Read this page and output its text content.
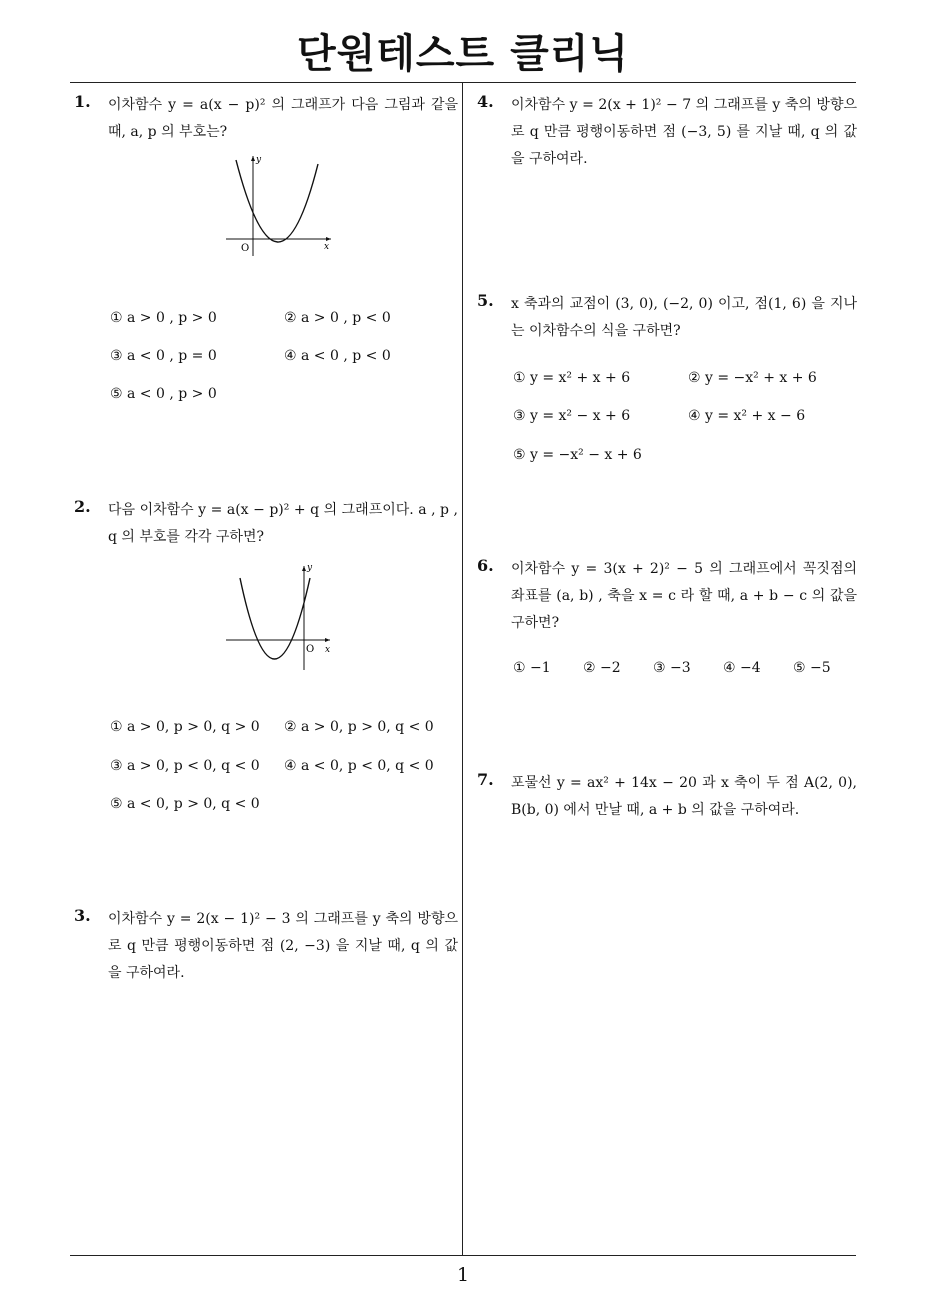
단원테스트 클리닉
1
1. 이차함수 y = a(x − p)² 의 그래프가 다음 그림과 같을 때, a, p 의 부호는?
O	x
y
① a > 0 , p > 0	② a > 0 , p < 0
③ a < 0 , p = 0	④ a < 0 , p < 0
⑤ a < 0 , p > 0
2. 다음 이차함수 y = a(x − p)² + q 의 그래프이다. a , p , q 의 부호를 각각 구하면?
O x
y
① a > 0, p > 0, q > 0 ② a > 0, p > 0, q < 0
③ a > 0, p < 0, q < 0 ④ a < 0, p < 0, q < 0
⑤ a < 0, p > 0, q < 0
3. 이차함수 y = 2(x − 1)² − 3 의 그래프를 y 축의 방향으로 q 만큼 평행이동하면 점 (2, −3) 을 지날 때, q 의 값을 구하여라.
4. 이차함수 y = 2(x + 1)² − 7 의 그래프를 y 축의 방향으로 q 만큼 평행이동하면 점 (−3, 5) 를 지날 때, q 의 값을 구하여라.
5. x 축과의 교점이 (3, 0), (−2, 0) 이고, 점(1, 6) 을 지나는 이차함수의 식을 구하면?
① y = x² + x + 6	② y = −x² + x + 6
③ y = x² − x + 6	④ y = x² + x − 6
⑤ y = −x² − x + 6
6. 이차함수 y = 3(x + 2)² − 5 의 그래프에서 꼭짓점의 좌표를 (a, b) , 축을 x = c 라 할 때, a + b − c 의 값을 구하면?
① −1 ② −2 ③ −3 ④ −4 ⑤ −5
7. 포물선 y = ax² + 14x − 20 과 x 축이 두 점 A(2, 0), B(b, 0) 에서 만날 때, a + b 의 값을 구하여라.
